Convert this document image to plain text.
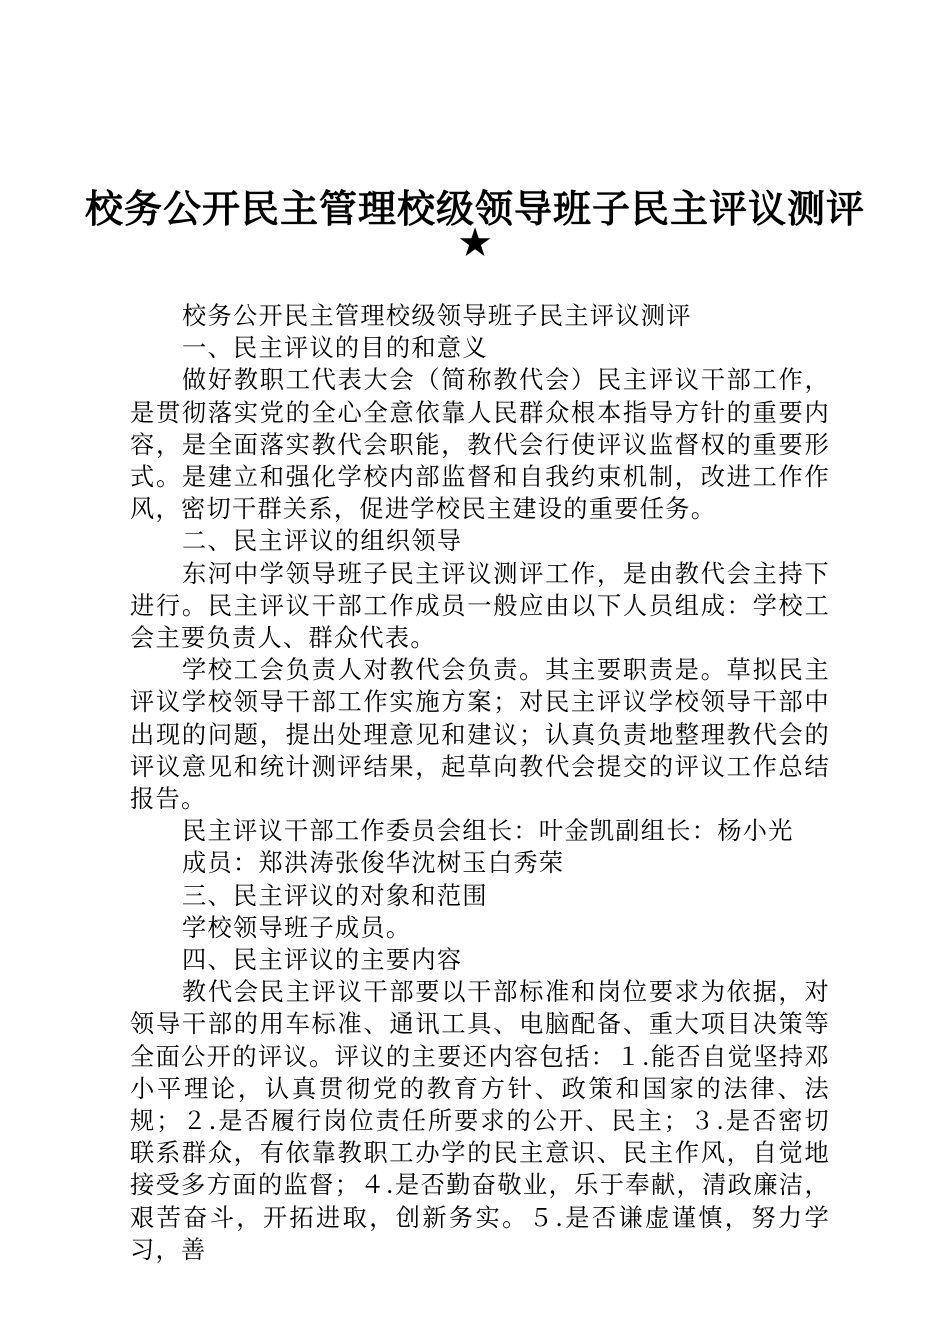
校务公开民主管理校级领导班子民主评议测评
★

校务公开民主管理校级领导班子民主评议测评

一、民主评议的目的和意义

做好教职工代表大会（简称教代会）民主评议干部工作，是贯彻落实党的全心全意依靠人民群众根本指导方针的重要内容，是全面落实教代会职能，教代会行使评议监督权的重要形式。是建立和强化学校内部监督和自我约束机制，改进工作作风，密切干群关系，促进学校民主建设的重要任务。

二、民主评议的组织领导

东河中学领导班子民主评议测评工作，是由教代会主持下进行。民主评议干部工作成员一般应由以下人员组成：学校工会主要负责人、群众代表。

学校工会负责人对教代会负责。其主要职责是。草拟民主评议学校领导干部工作实施方案；对民主评议学校领导干部中出现的问题，提出处理意见和建议；认真负责地整理教代会的评议意见和统计测评结果，起草向教代会提交的评议工作总结报告。

民主评议干部工作委员会组长：叶金凯副组长：杨小光

成员：郑洪涛张俊华沈树玉白秀荣

三、民主评议的对象和范围

学校领导班子成员。

四、民主评议的主要内容

教代会民主评议干部要以干部标准和岗位要求为依据，对领导干部的用车标准、通讯工具、电脑配备、重大项目决策等全面公开的评议。评议的主要还内容包括：１.能否自觉坚持邓小平理论，认真贯彻党的教育方针、政策和国家的法律、法规；２.是否履行岗位责任所要求的公开、民主；３.是否密切联系群众，有依靠教职工办学的民主意识、民主作风，自觉地接受多方面的监督；４.是否勤奋敬业，乐于奉献，清政廉洁，艰苦奋斗，开拓进取，创新务实。５.是否谦虚谨慎，努力学习，善
